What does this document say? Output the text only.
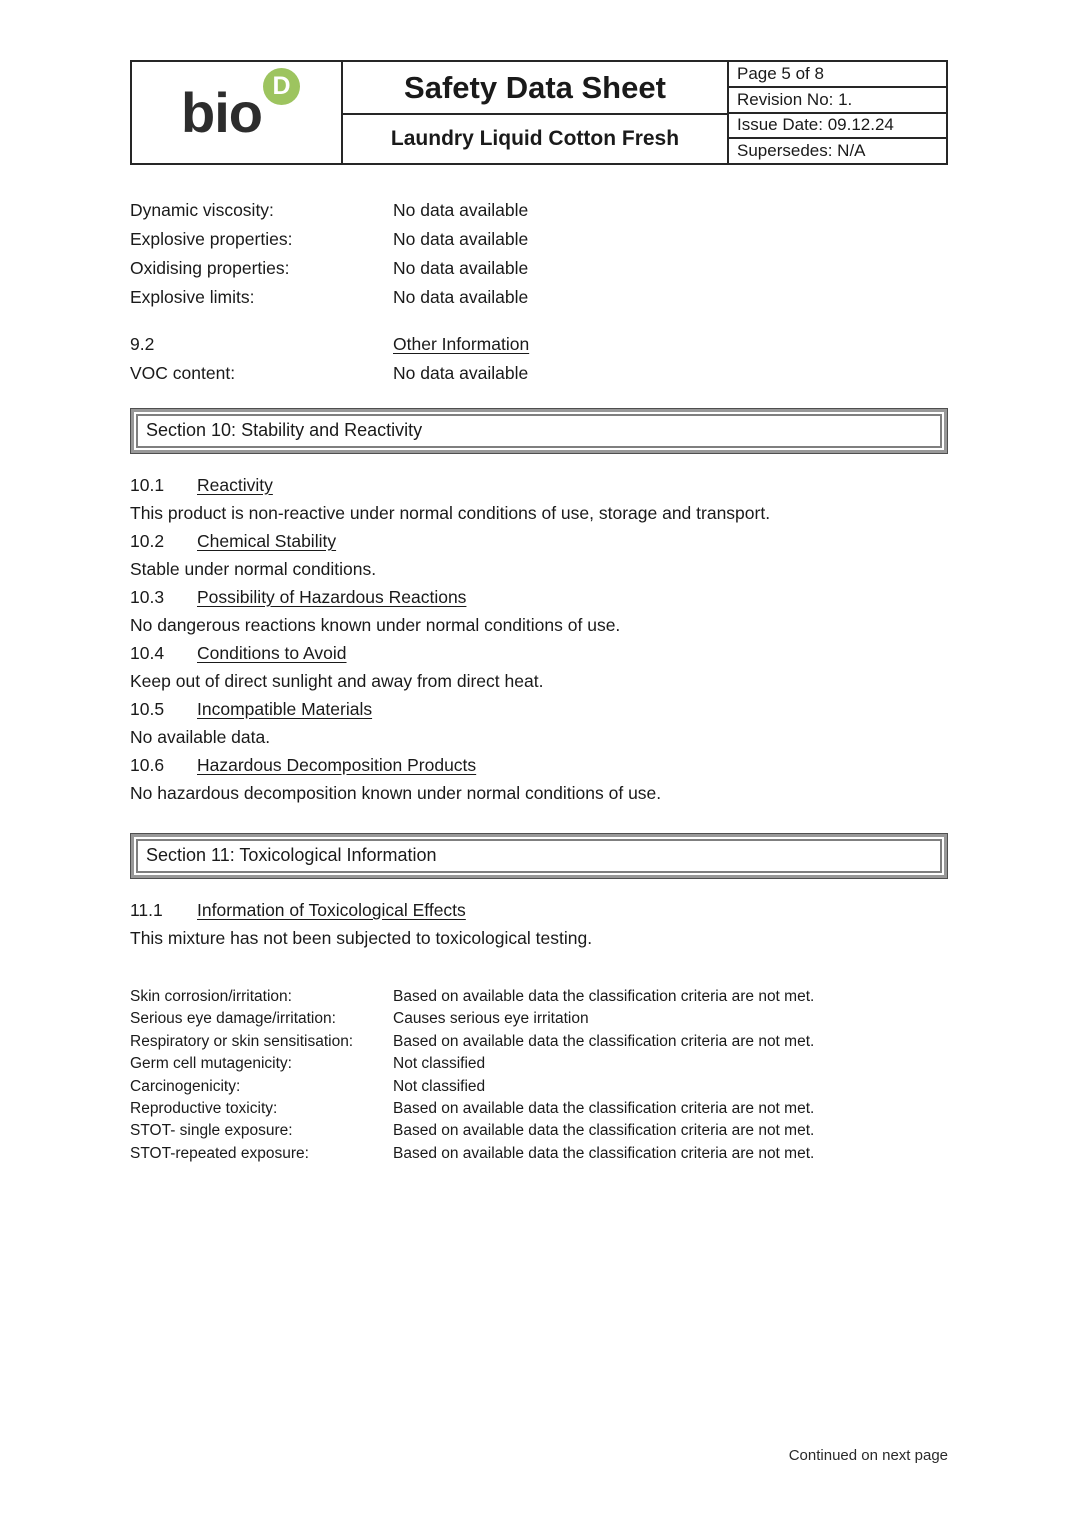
bio D	Safety Data Sheet
Laundry Liquid Cotton Fresh
Page 5 of 8
Revision No: 1.
Issue Date: 09.12.24
Supersedes: N/A
Dynamic viscosity:	No data available
Explosive properties:	No data available
Oxidising properties:	No data available
Explosive limits:	No data available
9.2	Other Information
VOC content:	No data available
Section 10: Stability and Reactivity
10.1	Reactivity
This product is non-reactive under normal conditions of use, storage and transport.
10.2	Chemical Stability
Stable under normal conditions.
10.3	Possibility of Hazardous Reactions
No dangerous reactions known under normal conditions of use.
10.4	Conditions to Avoid
Keep out of direct sunlight and away from direct heat.
10.5	Incompatible Materials
No available data.
10.6	Hazardous Decomposition Products
No hazardous decomposition known under normal conditions of use.
Section 11: Toxicological Information
11.1	Information of Toxicological Effects
This mixture has not been subjected to toxicological testing.
Skin corrosion/irritation:	Based on available data the classification criteria are not met.
Serious eye damage/irritation:	Causes serious eye irritation
Respiratory or skin sensitisation:	Based on available data the classification criteria are not met.
Germ cell mutagenicity:	Not classified
Carcinogenicity:	Not classified
Reproductive toxicity:	Based on available data the classification criteria are not met.
STOT- single exposure:	Based on available data the classification criteria are not met.
STOT-repeated exposure:	Based on available data the classification criteria are not met.
Continued on next page
